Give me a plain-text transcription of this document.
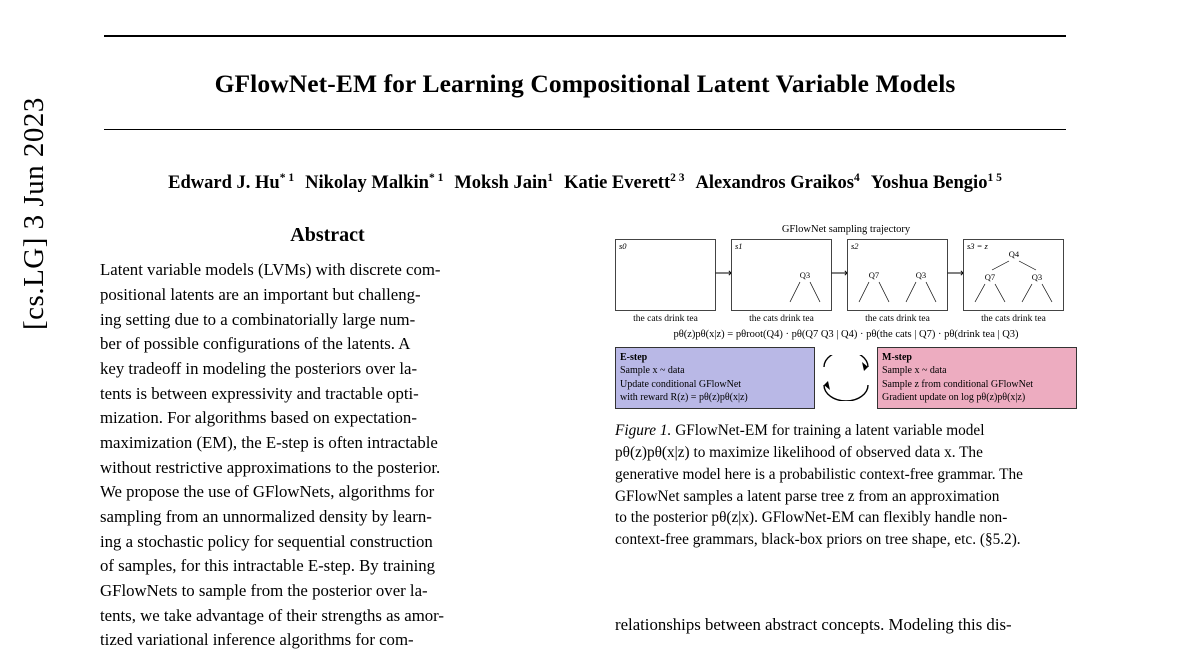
[cs.LG] 3 Jun 2023
GFlowNet-EM for Learning Compositional Latent Variable Models
Edward J. Hu$^{* 1}$ Nikolay Malkin$^{* 1}$ Moksh Jain$^1$ Katie Everett$^{2 3}$ Alexandros Graikos$^4$ Yoshua Bengio$^{1 5}$
Abstract
Latent variable models (LVMs) with discrete com-
positional latents are an important but challeng-
ing setting due to a combinatorially large num-
ber of possible configurations of the latents. A
key tradeoff in modeling the posteriors over la-
tents is between expressivity and tractable opti-
mization. For algorithms based on expectation-
maximization (EM), the E-step is often intractable
without restrictive approximations to the posterior.
We propose the use of GFlowNets, algorithms for
sampling from an unnormalized density by learn-
ing a stochastic policy for sequential construction
of samples, for this intractable E-step. By training
GFlowNets to sample from the posterior over la-
tents, we take advantage of their strengths as amor-
tized variational inference algorithms for com-
GFlowNet sampling trajectory
s0
⟶
s1
Q3 ⟶
s2
Q7	Q3 ⟶
s3 = z
Q4
Q7	Q3
the cats drink tea	the cats drink tea	the cats drink tea	the cats drink tea
pθ(z)pθ(x|z) = pθroot(Q4) · pθ(Q7 Q3 | Q4) · pθ(the cats | Q7) · pθ(drink tea | Q3)
E-step
Sample x ~ data
Update conditional GFlowNet
with reward R(z) = pθ(z)pθ(x|z)
M-step
Sample x ~ data
Sample z from conditional GFlowNet
Gradient update on log pθ(z)pθ(x|z)
Figure 1. GFlowNet-EM for training a latent variable model
pθ(z)pθ(x|z) to maximize likelihood of observed data x. The
generative model here is a probabilistic context-free grammar. The
GFlowNet samples a latent parse tree z from an approximation
to the posterior pθ(z|x). GFlowNet-EM can flexibly handle non-
context-free grammars, black-box priors on tree shape, etc. (§5.2).
relationships between abstract concepts. Modeling this dis-
